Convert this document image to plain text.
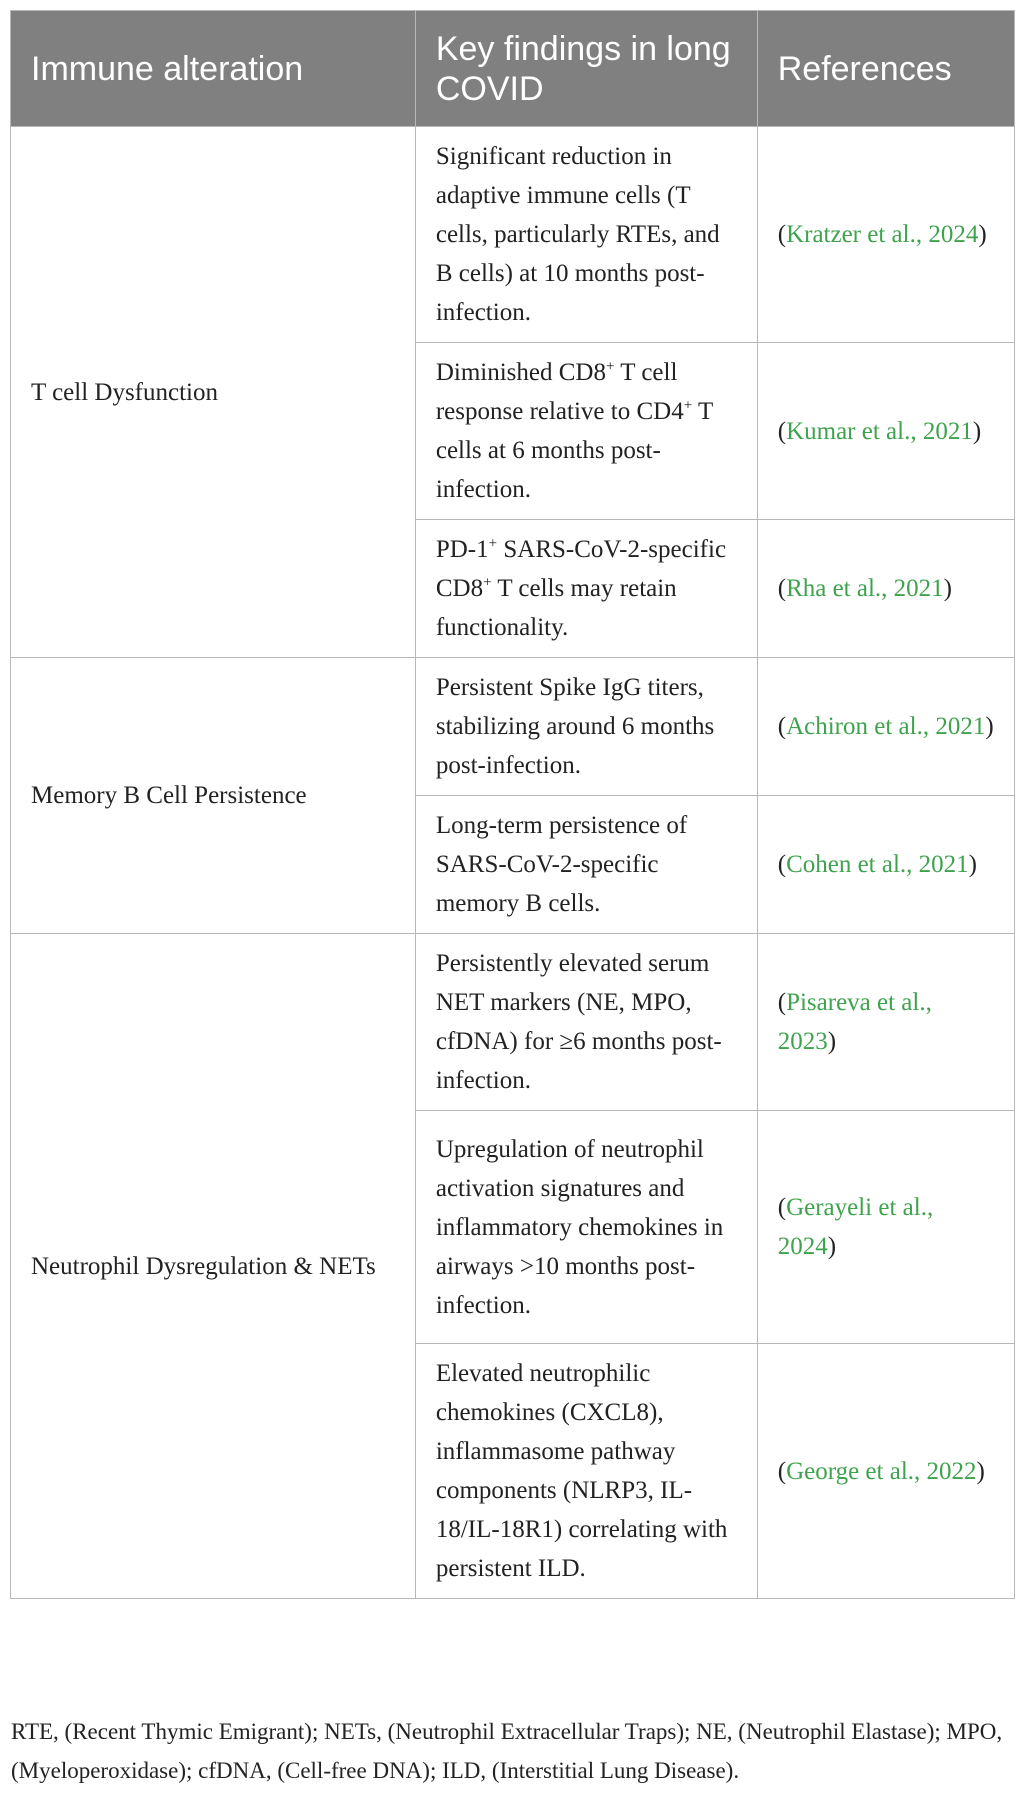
Immune alteration	Key findings in long COVID	References
T cell Dysfunction	Significant reduction in adaptive immune cells (T cells, particularly RTEs, and B cells) at 10 months post-infection.	(Kratzer et al., 2024)
	Diminished CD8+ T cell response relative to CD4+ T cells at 6 months post-infection.	(Kumar et al., 2021)
	PD-1+ SARS-CoV-2-specific CD8+ T cells may retain functionality.	(Rha et al., 2021)
Memory B Cell Persistence	Persistent Spike IgG titers, stabilizing around 6 months post-infection.	(Achiron et al., 2021)
	Long-term persistence of SARS-CoV-2-specific memory B cells.	(Cohen et al., 2021)
Neutrophil Dysregulation & NETs	Persistently elevated serum NET markers (NE, MPO, cfDNA) for ≥6 months post-infection.	(Pisareva et al., 2023)
	Upregulation of neutrophil activation signatures and inflammatory chemokines in airways >10 months post-infection.	(Gerayeli et al., 2024)
	Elevated neutrophilic chemokines (CXCL8), inflammasome pathway components (NLRP3, IL-18/IL-18R1) correlating with persistent ILD.	(George et al., 2022)
RTE, (Recent Thymic Emigrant); NETs, (Neutrophil Extracellular Traps); NE, (Neutrophil Elastase); MPO, (Myeloperoxidase); cfDNA, (Cell-free DNA); ILD, (Interstitial Lung Disease).
